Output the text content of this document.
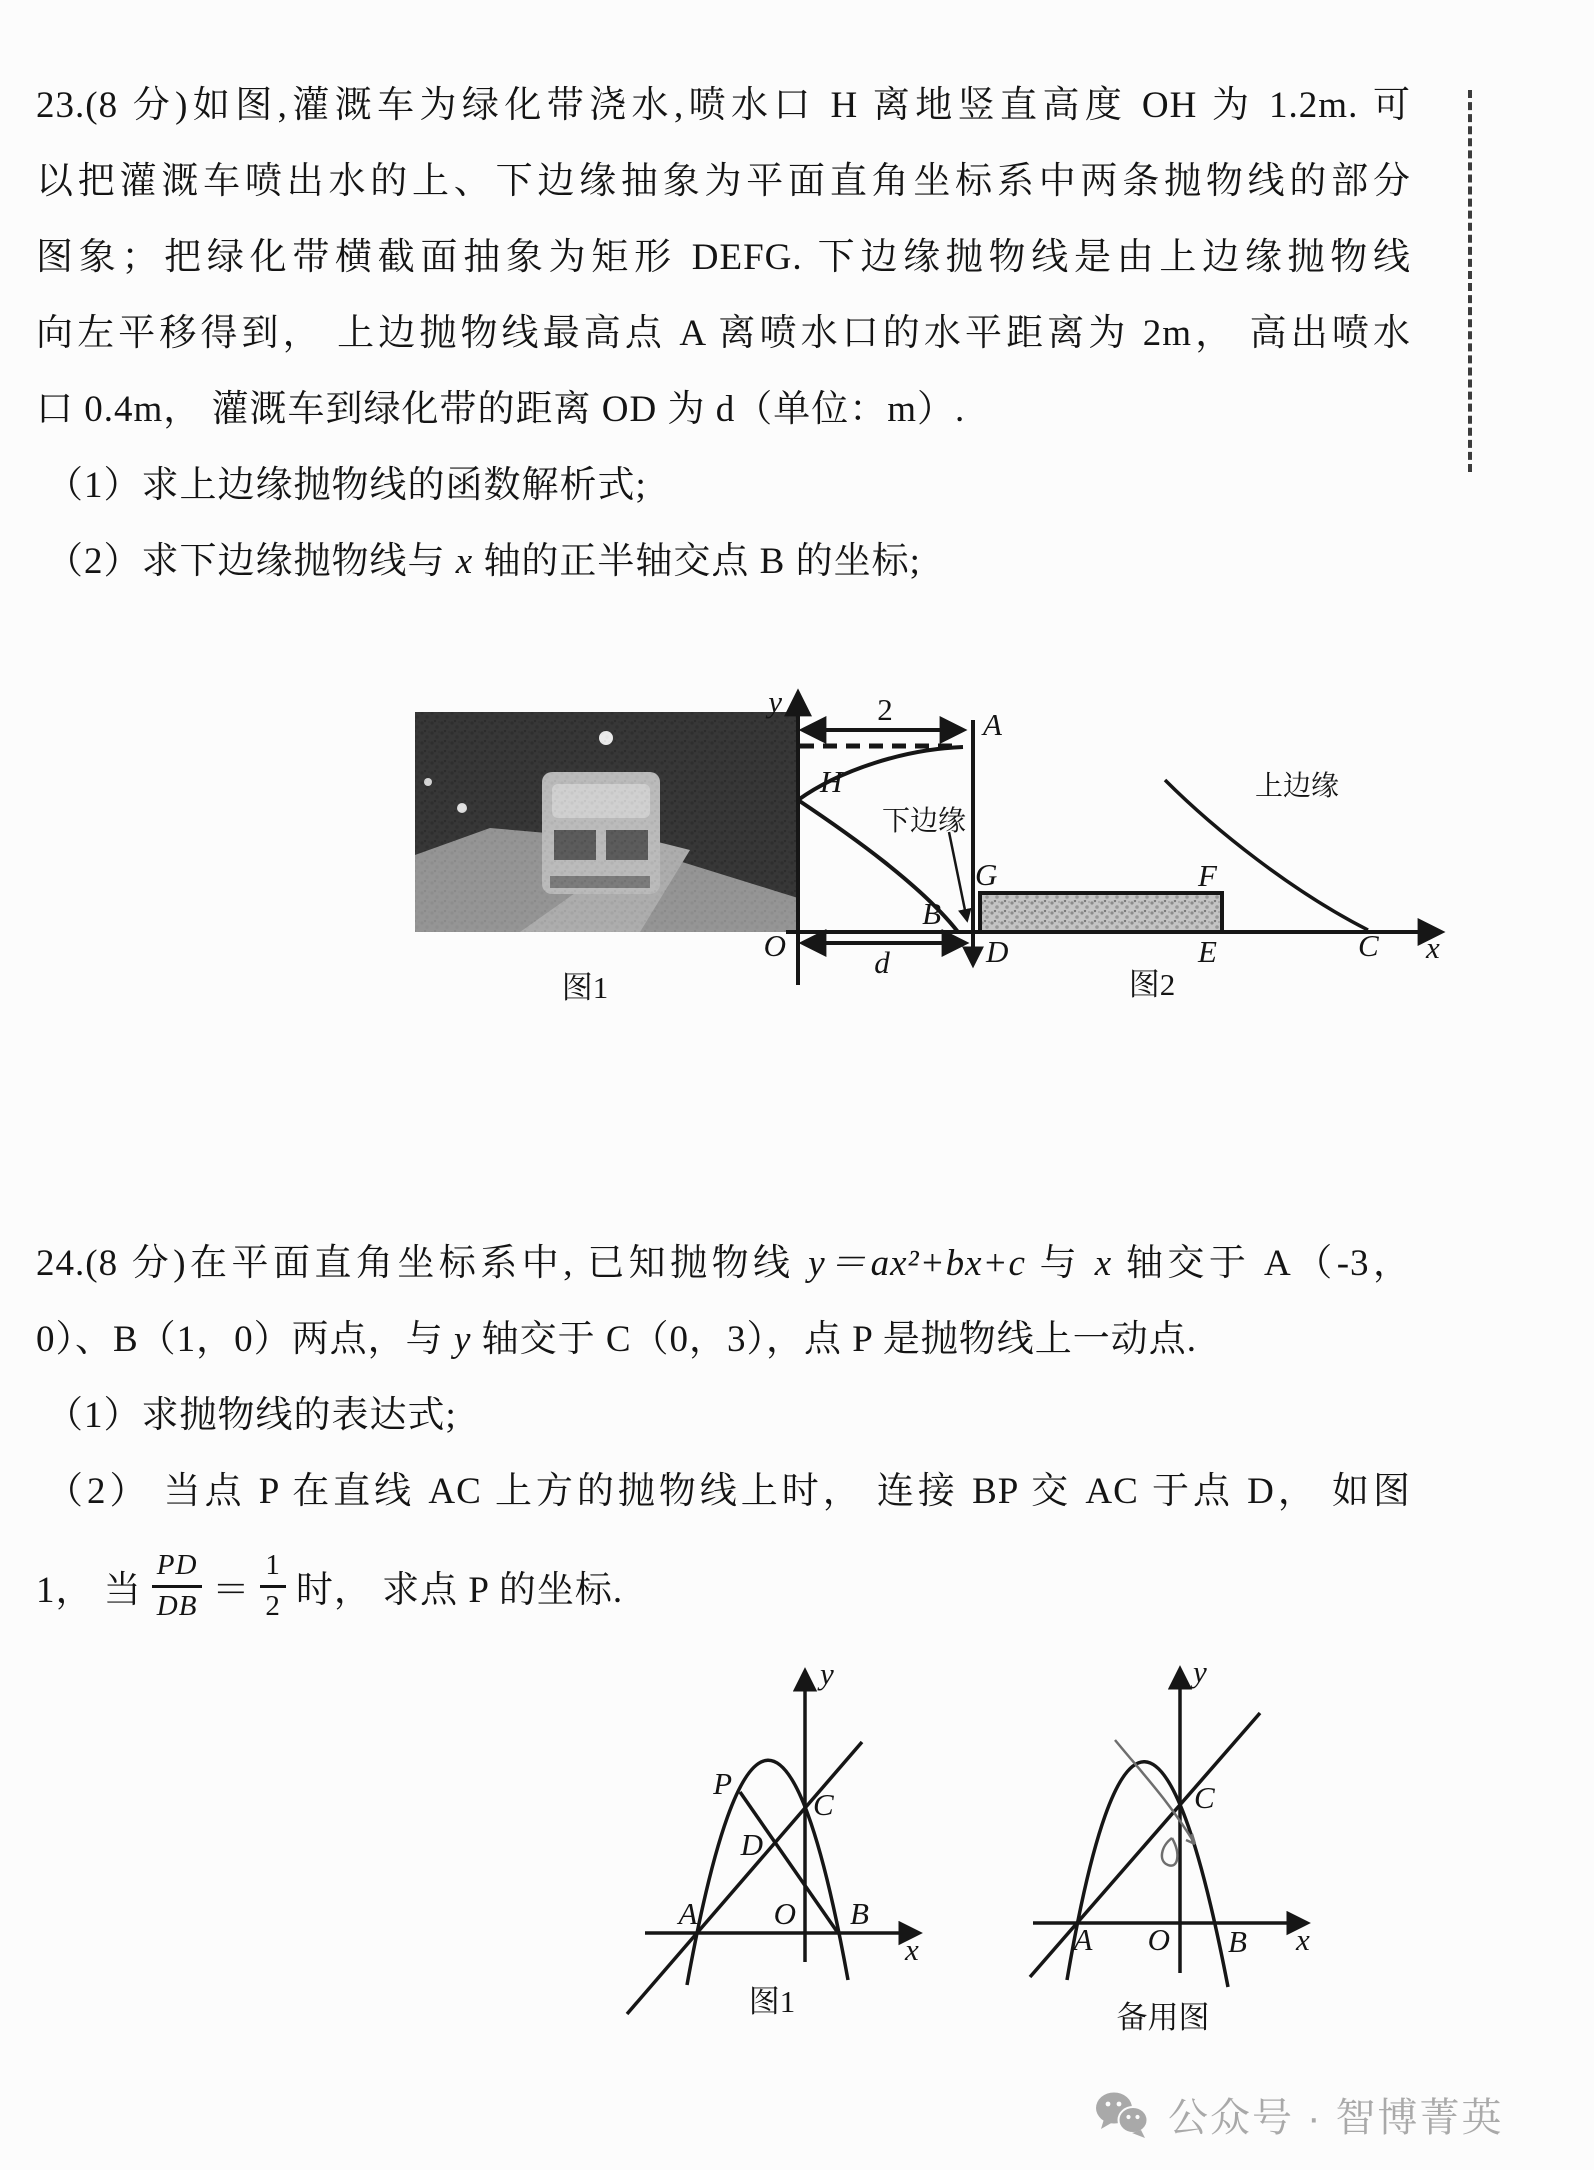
23.(8 分)如图,灌溉车为绿化带浇水,喷水口 H 离地竖直高度 OH 为 1.2m. 可
以把灌溉车喷出水的上、下边缘抽象为平面直角坐标系中两条抛物线的部分
图象；把绿化带横截面抽象为矩形 DEFG. 下边缘抛物线是由上边缘抛物线
向左平移得到， 上边抛物线最高点 A 离喷水口的水平距离为 2m， 高出喷水
口 0.4m， 灌溉车到绿化带的距离 OD 为 d（单位：m）.
（1）求上边缘抛物线的函数解析式;
（2）求下边缘抛物线与 x 轴的正半轴交点 B 的坐标;
y	2	A
H
下边缘
G
B
O	d	D	E
F
上边缘
C x
图1	图2
24.(8 分)在平面直角坐标系中, 已知抛物线 y＝ax²+bx+c 与 x 轴交于 A（-3，
0）、B（1，0）两点，与 y 轴交于 C（0，3），点 P 是抛物线上一动点.
（1）求抛物线的表达式;
（2） 当点 P 在直线 AC 上方的抛物线上时， 连接 BP 交 AC 于点 D， 如图
1， 当 $\frac{PD}{DB} = \frac{1}{2}$ 时， 求点 P 的坐标.
y
x
P
C
D
A O B
图1
y
x
C
A O B
备用图
公众号 · 智博菁英
